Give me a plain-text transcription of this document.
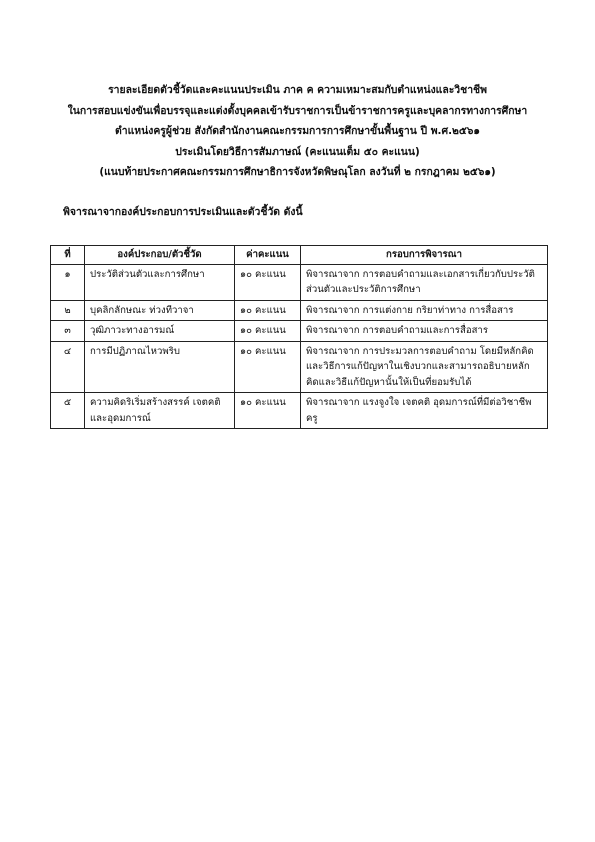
รายละเอียดตัวชี้วัดและคะแนนประเมิน ภาค ค ความเหมาะสมกับตำแหน่งและวิชาชีพ
ในการสอบแข่งขันเพื่อบรรจุและแต่งตั้งบุคคลเข้ารับราชการเป็นข้าราชการครูและบุคลากรทางการศึกษา
ตำแหน่งครูผู้ช่วย สังกัดสำนักงานคณะกรรมการการศึกษาขั้นพื้นฐาน ปี พ.ศ.๒๕๖๑
ประเมินโดยวิธีการสัมภาษณ์ (คะแนนเต็ม ๕๐ คะแนน)
(แนบท้ายประกาศคณะกรรมการศึกษาธิการจังหวัดพิษณุโลก ลงวันที่ ๒ กรกฎาคม ๒๕๖๑)
พิจารณาจากองค์ประกอบการประเมินและตัวชี้วัด ดังนี้
ที่	องค์ประกอบ/ตัวชี้วัด	ค่าคะแนน	กรอบการพิจารณา
๑	ประวัติส่วนตัวและการศึกษา	๑๐ คะแนน	พิจารณาจาก การตอบคำถามและเอกสารเกี่ยวกับประวัติส่วนตัวและประวัติการศึกษา
๒	บุคลิกลักษณะ ท่วงทีวาจา	๑๐ คะแนน	พิจารณาจาก การแต่งกาย กริยาท่าทาง การสื่อสาร
๓	วุฒิภาวะทางอารมณ์	๑๐ คะแนน	พิจารณาจาก การตอบคำถามและการสื่อสาร
๔	การมีปฏิภาณไหวพริบ	๑๐ คะแนน	พิจารณาจาก การประมวลการตอบคำถาม โดยมีหลักคิดและวิธีการแก้ปัญหาในเชิงบวกและสามารถอธิบายหลักคิดและวิธีแก้ปัญหานั้นให้เป็นที่ยอมรับได้
๕	ความคิดริเริ่มสร้างสรรค์ เจตคติและอุดมการณ์	๑๐ คะแนน	พิจารณาจาก แรงจูงใจ เจตคติ อุดมการณ์ที่มีต่อวิชาชีพครู
